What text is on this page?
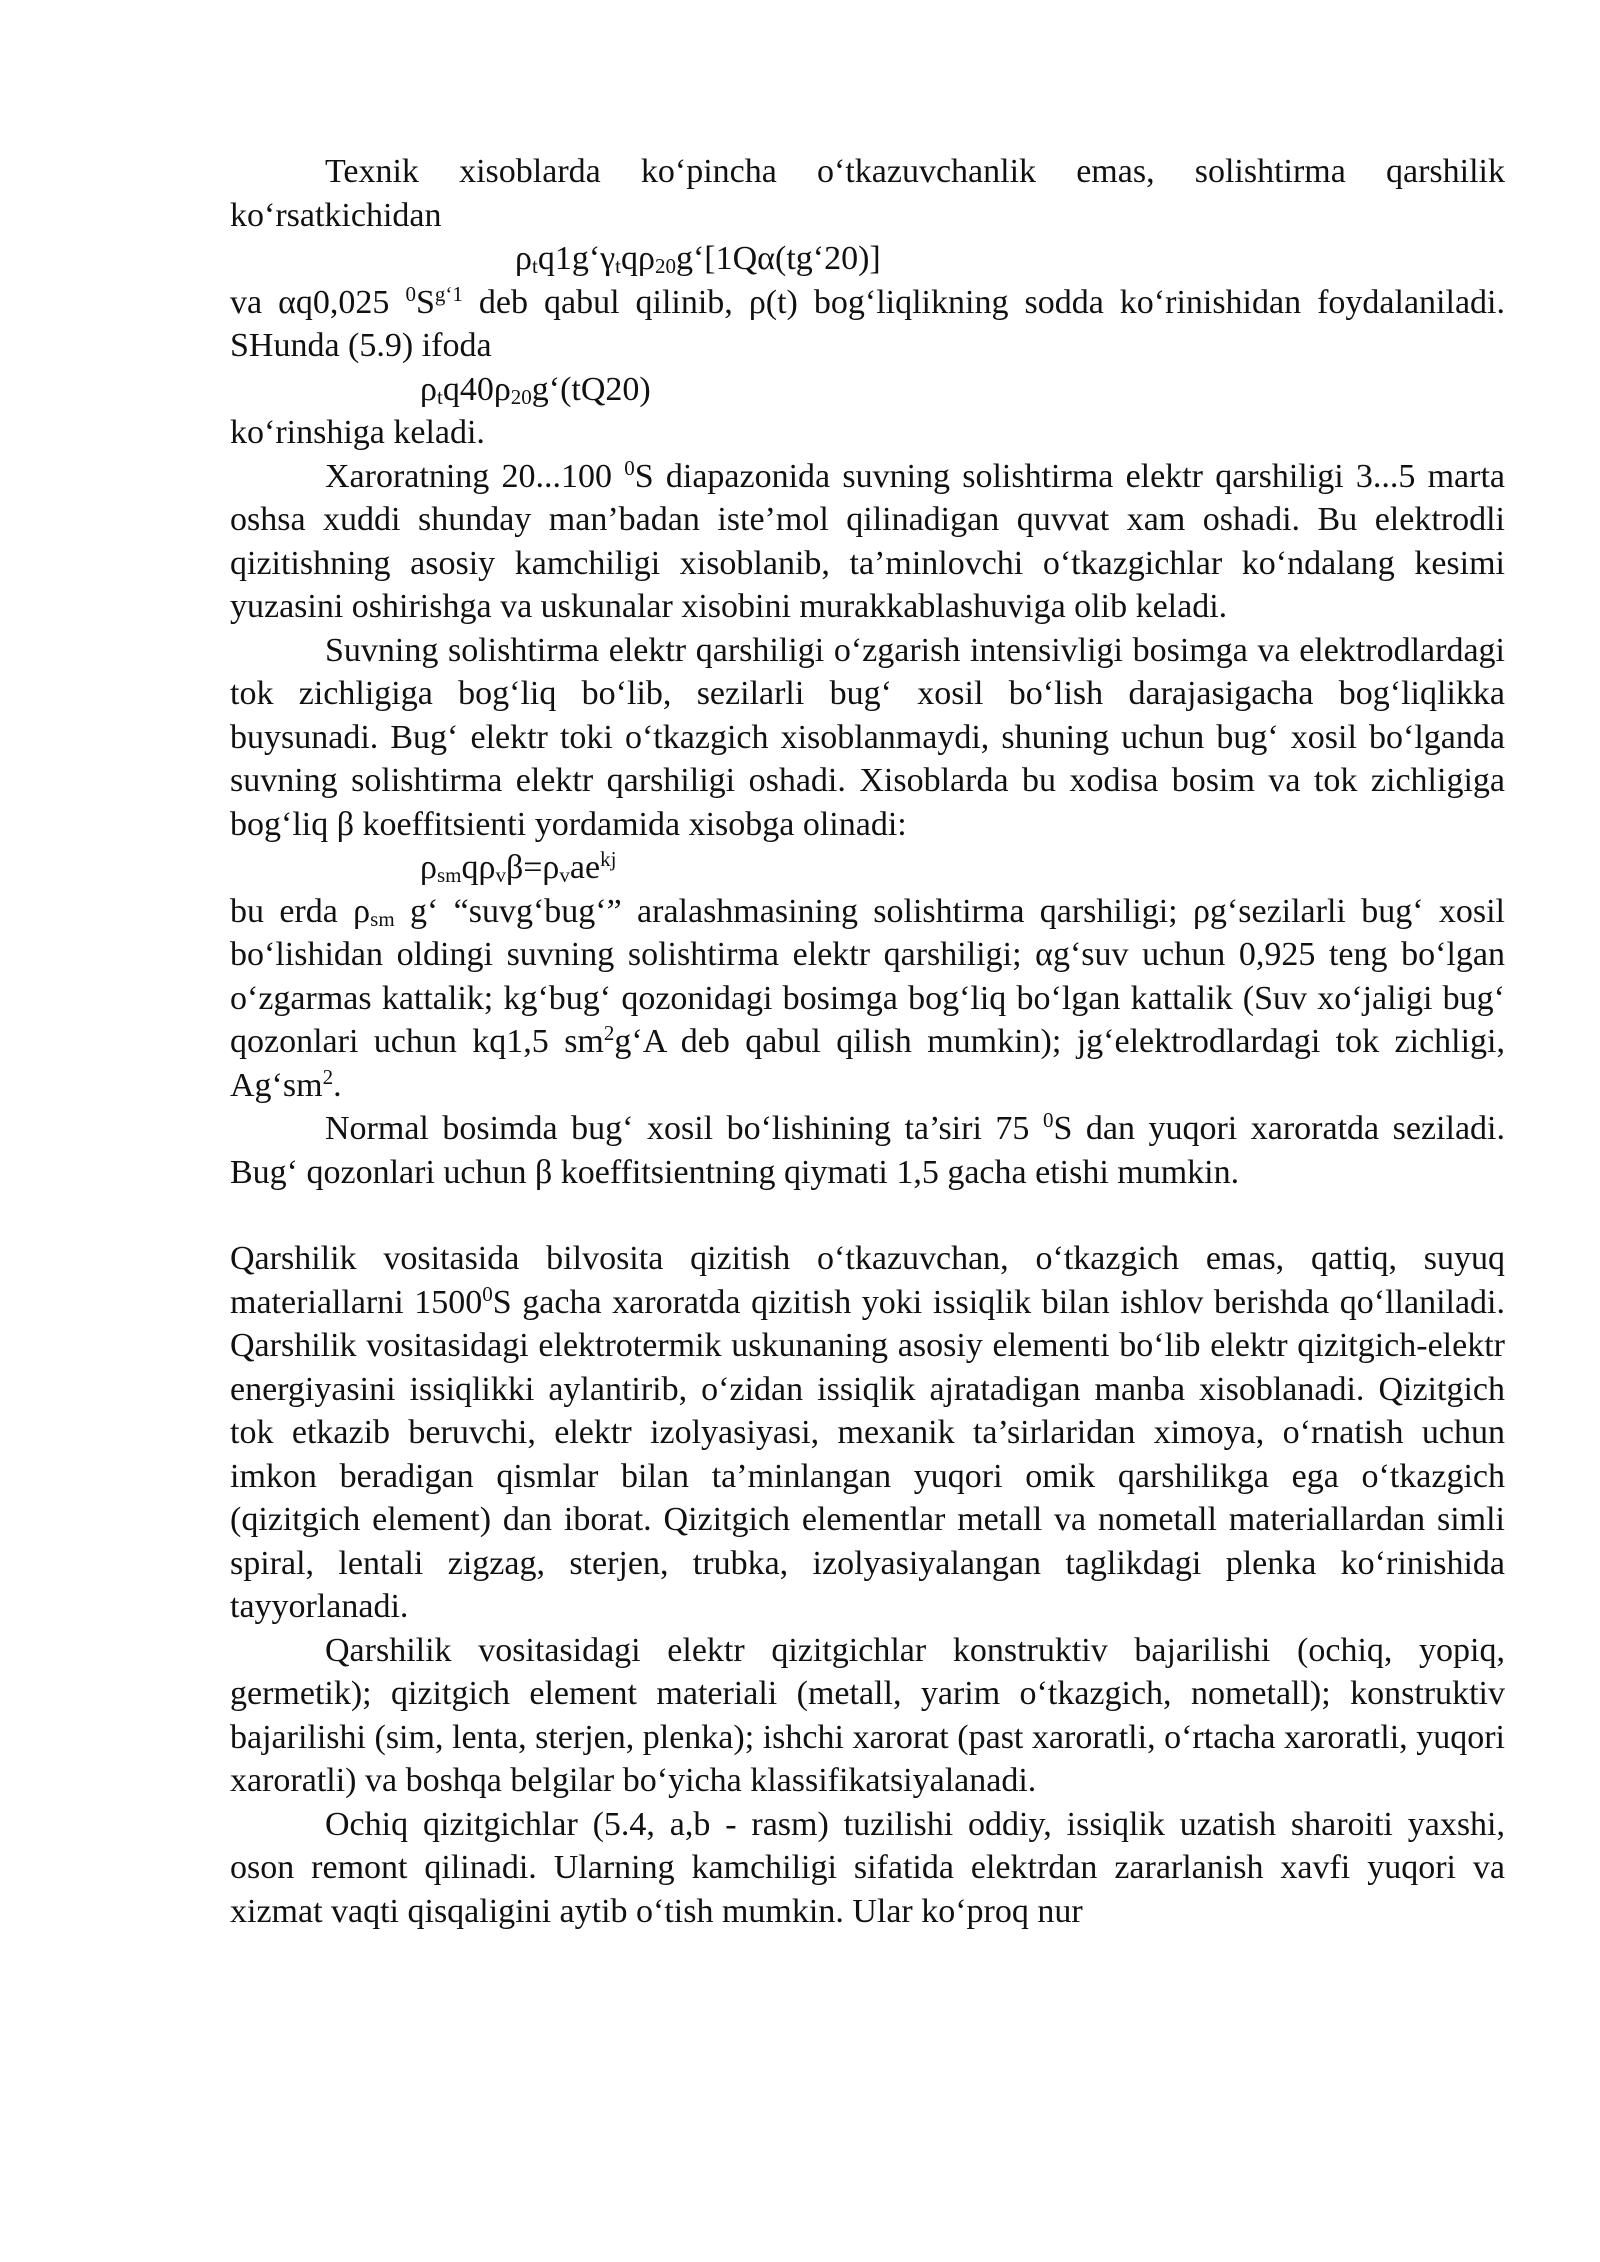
Texnik xisoblarda ko‘pincha o‘tkazuvchanlik emas, solishtirma qarshilik ko‘rsatkichidan

$\rho_tq1g‘\gamma_tq\rho_{20}g‘[1Q\alpha(tg‘20)]$

va αq0,025 $^0S^{g‘1}$ deb qabul qilinib, ρ(t) bog‘liqlikning sodda ko‘rinishidan foydalaniladi. SHunda (5.9) ifoda

$\rho_tq40\rho_{20}g‘(tQ20)$

ko‘rinshiga keladi.

Xaroratning 20...100 $^0$S diapazonida suvning solishtirma elektr qarshiligi 3...5 marta oshsa xuddi shunday man’badan iste’mol qilinadigan quvvat xam oshadi. Bu elektrodli qizitishning asosiy kamchiligi xisoblanib, ta’minlovchi o‘tkazgichlar ko‘ndalang kesimi yuzasini oshirishga va uskunalar xisobini murakkablashuviga olib keladi.

Suvning solishtirma elektr qarshiligi o‘zgarish intensivligi bosimga va elektrodlardagi tok zichligiga bog‘liq bo‘lib, sezilarli bug‘ xosil bo‘lish darajasigacha bog‘liqlikka buysunadi. Bug‘ elektr toki o‘tkazgich xisoblanmaydi, shuning uchun bug‘ xosil bo‘lganda suvning solishtirma elektr qarshiligi oshadi. Xisoblarda bu xodisa bosim va tok zichligiga bog‘liq β koeffitsienti yordamida xisobga olinadi:

$\rho_{sm}q\rho_v\beta=\rho_vae^{kj}$

bu erda $\rho_{sm}$ g‘ “suvg‘bug‘” aralashmasining solishtirma qarshiligi; ρg‘sezilarli bug‘ xosil bo‘lishidan oldingi suvning solishtirma elektr qarshiligi; αg‘suv uchun 0,925 teng bo‘lgan o‘zgarmas kattalik; kg‘bug‘ qozonidagi bosimga bog‘liq bo‘lgan kattalik (Suv xo‘jaligi bug‘ qozonlari uchun kq1,5 $sm^2g‘A$ deb qabul qilish mumkin); jg‘elektrodlardagi tok zichligi, $Ag‘sm^2$.

Normal bosimda bug‘ xosil bo‘lishining ta’siri 75 $^0$S dan yuqori xaroratda seziladi. Bug‘ qozonlari uchun β koeffitsientning qiymati 1,5 gacha etishi mumkin.

Qarshilik vositasida bilvosita qizitish o‘tkazuvchan, o‘tkazgich emas, qattiq, suyuq materiallarni 1500$^0$S gacha xaroratda qizitish yoki issiqlik bilan ishlov berishda qo‘llaniladi. Qarshilik vositasidagi elektrotermik uskunaning asosiy elementi bo‘lib elektr qizitgich-elektr energiyasini issiqlikki aylantirib, o‘zidan issiqlik ajratadigan manba xisoblanadi. Qizitgich tok etkazib beruvchi, elektr izolyasiyasi, mexanik ta’sirlaridan ximoya, o‘rnatish uchun imkon beradigan qismlar bilan ta’minlangan yuqori omik qarshilikga ega o‘tkazgich (qizitgich element) dan iborat. Qizitgich elementlar metall va nometall materiallardan simli spiral, lentali zigzag, sterjen, trubka, izolyasiyalangan taglikdagi plenka ko‘rinishida tayyorlanadi.

Qarshilik vositasidagi elektr qizitgichlar konstruktiv bajarilishi (ochiq, yopiq, germetik); qizitgich element materiali (metall, yarim o‘tkazgich, nometall); konstruktiv bajarilishi (sim, lenta, sterjen, plenka); ishchi xarorat (past xaroratli, o‘rtacha xaroratli, yuqori xaroratli) va boshqa belgilar bo‘yicha klassifikatsiyalanadi.

Ochiq qizitgichlar (5.4, a,b - rasm) tuzilishi oddiy, issiqlik uzatish sharoiti yaxshi, oson remont qilinadi. Ularning kamchiligi sifatida elektrdan zararlanish xavfi yuqori va xizmat vaqti qisqaligini aytib o‘tish mumkin. Ular ko‘proq nur
